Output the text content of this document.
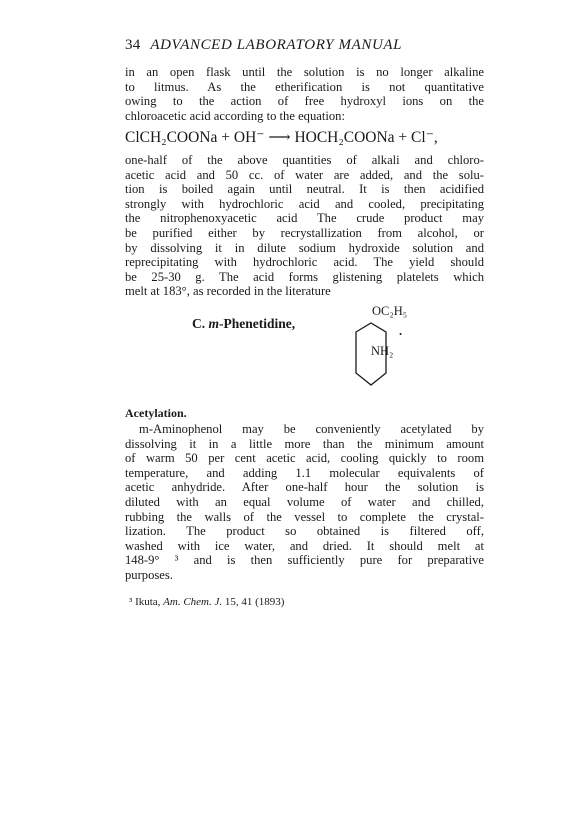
34 ADVANCED LABORATORY MANUAL
in an open flask until the solution is no longer alkaline
to litmus. As the etherification is not quantitative
owing to the action of free hydroxyl ions on the
chloroacetic acid according to the equation:
ClCH₂COONa + OH⁻ ⟶ HOCH₂COONa + Cl⁻,
one-half of the above quantities of alkali and chloro-
acetic acid and 50 cc. of water are added, and the solu-
tion is boiled again until neutral. It is then acidified
strongly with hydrochloric acid and cooled, precipitating
the nitrophenoxyacetic acid The crude product may
be purified either by recrystallization from alcohol, or
by dissolving it in dilute sodium hydroxide solution and
reprecipitating with hydrochloric acid. The yield should
be 25-30 g. The acid forms glistening platelets which
melt at 183°, as recorded in the literature
C. m-Phenetidine,
OC₂H₅
NH₂
.
Acetylation.
m-Aminophenol may be conveniently acetylated by
dissolving it in a little more than the minimum amount
of warm 50 per cent acetic acid, cooling quickly to room
temperature, and adding 1.1 molecular equivalents of
acetic anhydride. After one-half hour the solution is
diluted with an equal volume of water and chilled,
rubbing the walls of the vessel to complete the crystal-
lization. The product so obtained is filtered off,
washed with ice water, and dried. It should melt at
148-9° ³ and is then sufficiently pure for preparative
purposes.
³ Ikuta, Am. Chem. J. 15, 41 (1893)
